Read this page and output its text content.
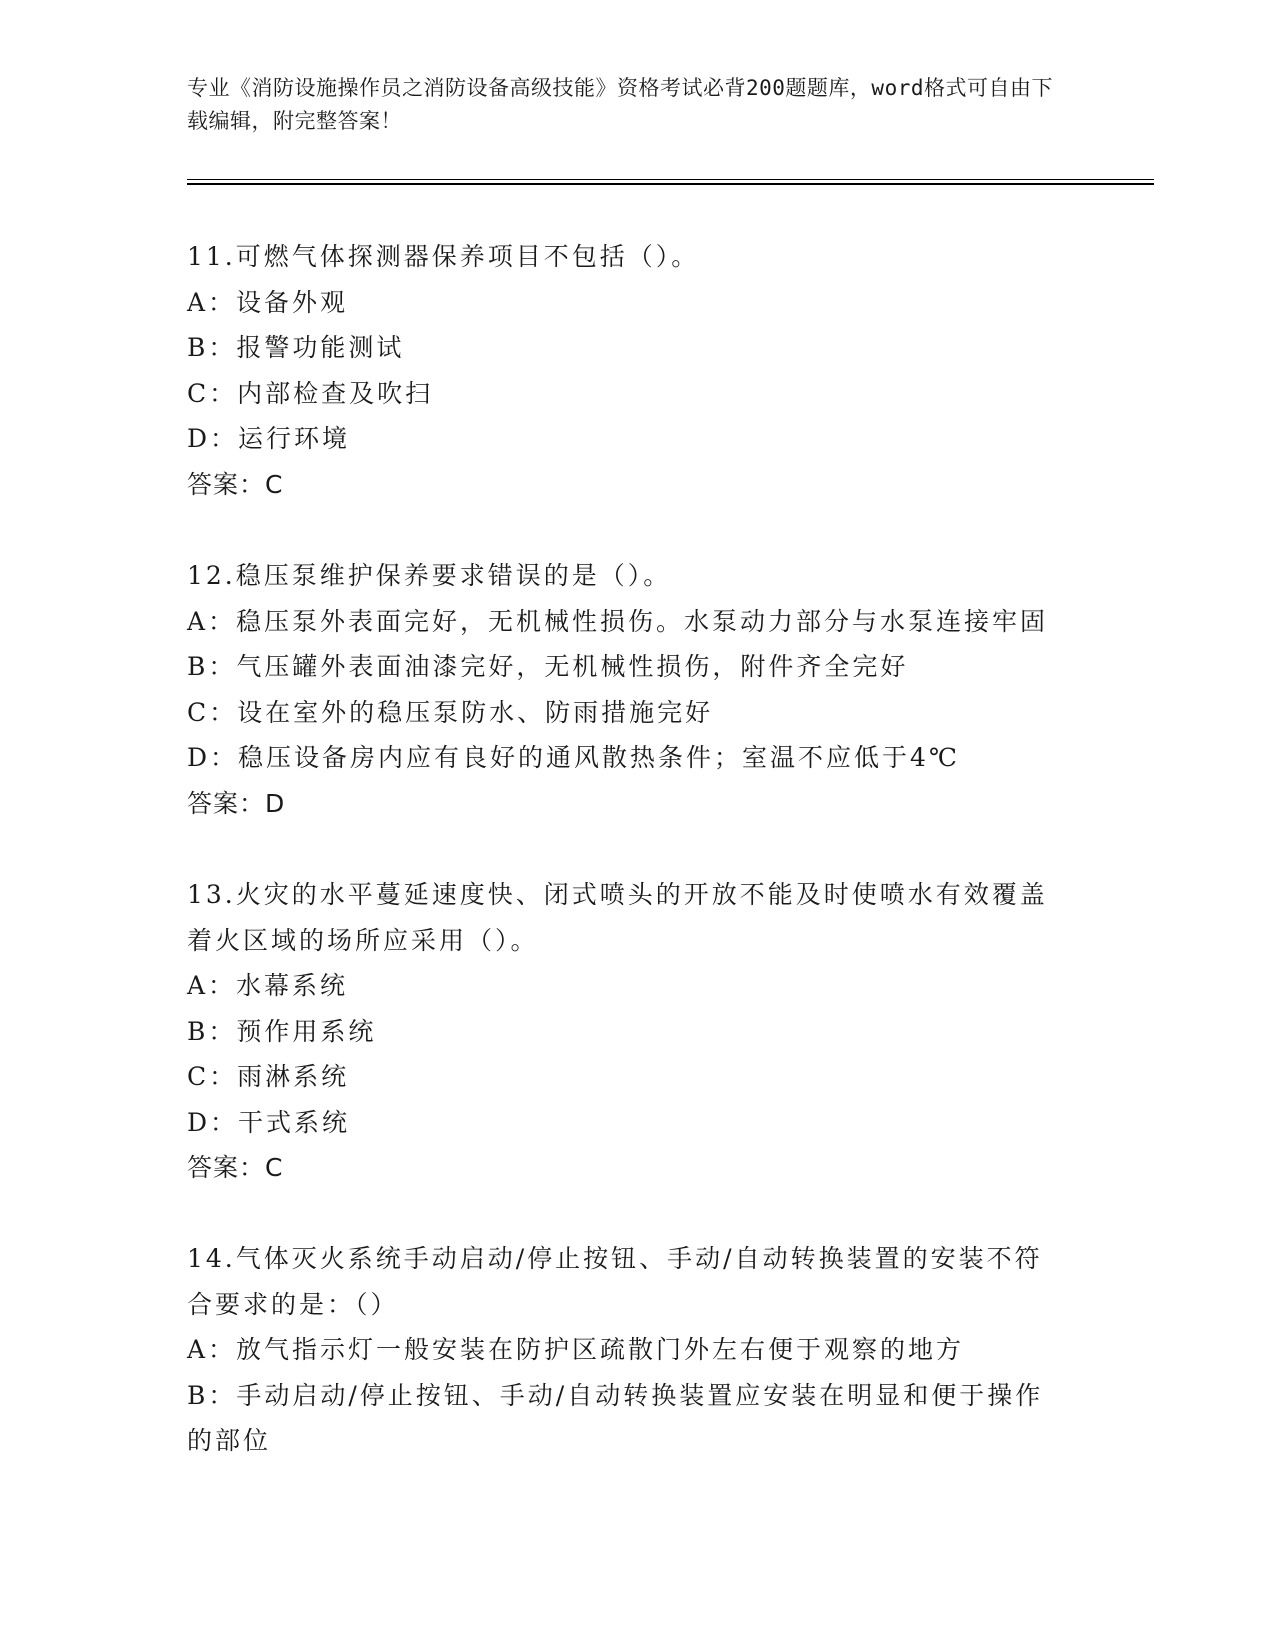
专业《消防设施操作员之消防设备高级技能》资格考试必背200题题库，word格式可自由下载编辑，附完整答案！

11.可燃气体探测器保养项目不包括（）。

A：设备外观

B：报警功能测试

C：内部检查及吹扫

D：运行环境

答案：C

12.稳压泵维护保养要求错误的是（）。

A：稳压泵外表面完好，无机械性损伤。水泵动力部分与水泵连接牢固

B：气压罐外表面油漆完好，无机械性损伤，附件齐全完好

C：设在室外的稳压泵防水、防雨措施完好

D：稳压设备房内应有良好的通风散热条件；室温不应低于4℃

答案：D

13.火灾的水平蔓延速度快、闭式喷头的开放不能及时使喷水有效覆盖

着火区域的场所应采用（）。

A：水幕系统

B：预作用系统

C：雨淋系统

D：干式系统

答案：C

14.气体灭火系统手动启动/停止按钮、手动/自动转换装置的安装不符

合要求的是：（）

A：放气指示灯一般安装在防护区疏散门外左右便于观察的地方

B：手动启动/停止按钮、手动/自动转换装置应安装在明显和便于操作

的部位
